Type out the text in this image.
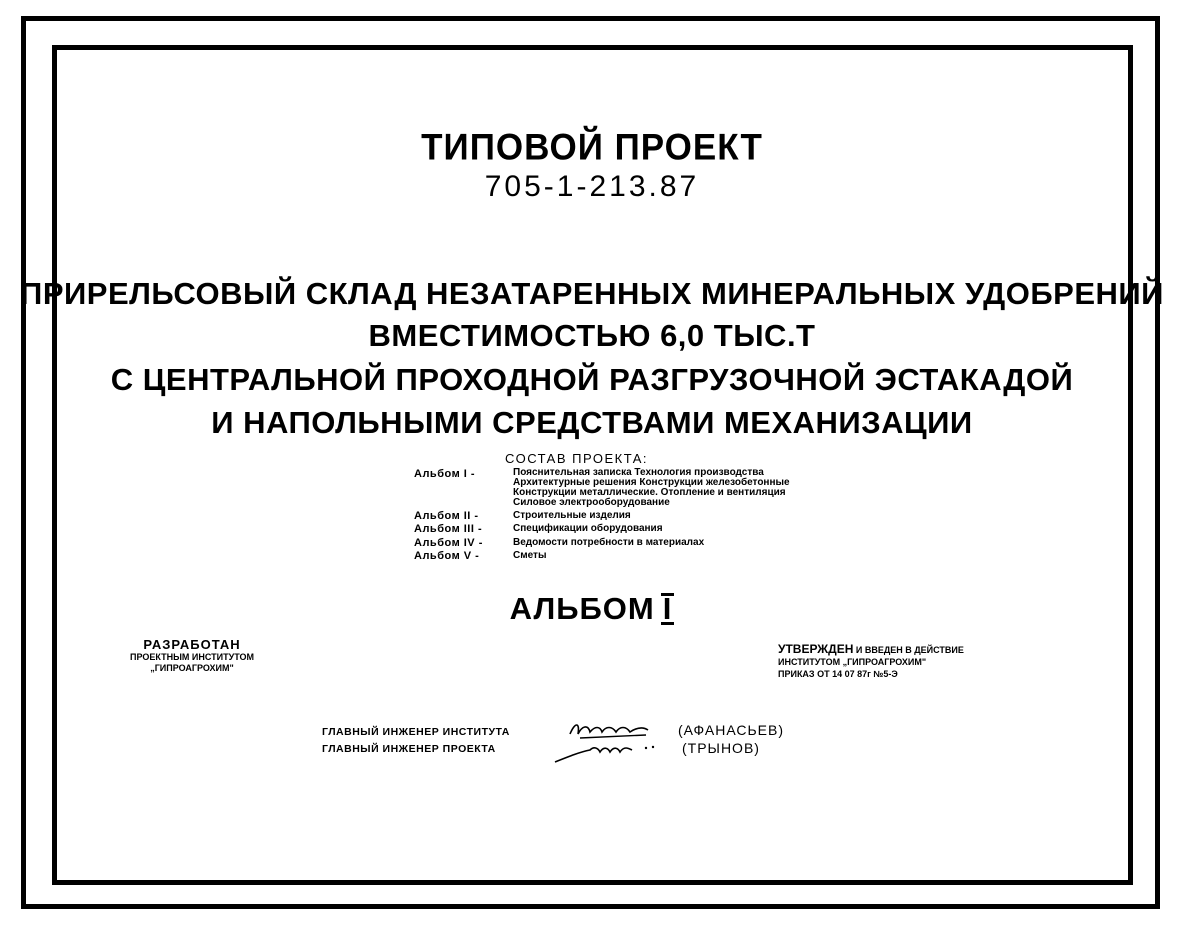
ТИПОВОЙ ПРОЕКТ
705-1-213.87
ПРИРЕЛЬСОВЫЙ СКЛАД НЕЗАТАРЕННЫХ МИНЕРАЛЬНЫХ УДОБРЕНИЙ
ВМЕСТИМОСТЬЮ 6,0 ТЫС.Т
С ЦЕНТРАЛЬНОЙ ПРОХОДНОЙ РАЗГРУЗОЧНОЙ ЭСТАКАДОЙ
И НАПОЛЬНЫМИ СРЕДСТВАМИ МЕХАНИЗАЦИИ
СОСТАВ ПРОЕКТА:
Альбом I -	Пояснительная записка Технология производства
Архитектурные решения Конструкции железобетонные
Конструкции металлические. Отопление и вентиляция
Силовое электрооборудование
Альбом II -	Строительные изделия
Альбом III -	Спецификации оборудования
Альбом IV -	Ведомости потребности в материалах
Альбом V -	Сметы
АЛЬБОМ I
РАЗРАБОТАН
ПРОЕКТНЫМ ИНСТИТУТОМ
„ГИПРОАГРОХИМ"
УТВЕРЖДЕН И ВВЕДЕН В ДЕЙСТВИЕ
ИНСТИТУТОМ „ГИПРОАГРОХИМ"
ПРИКАЗ ОТ 14 07 87г №5-Э
ГЛАВНЫЙ ИНЖЕНЕР ИНСТИТУТА
ГЛАВНЫЙ ИНЖЕНЕР ПРОЕКТА
(АФАНАСЬЕВ)
(ТРЫНОВ)
